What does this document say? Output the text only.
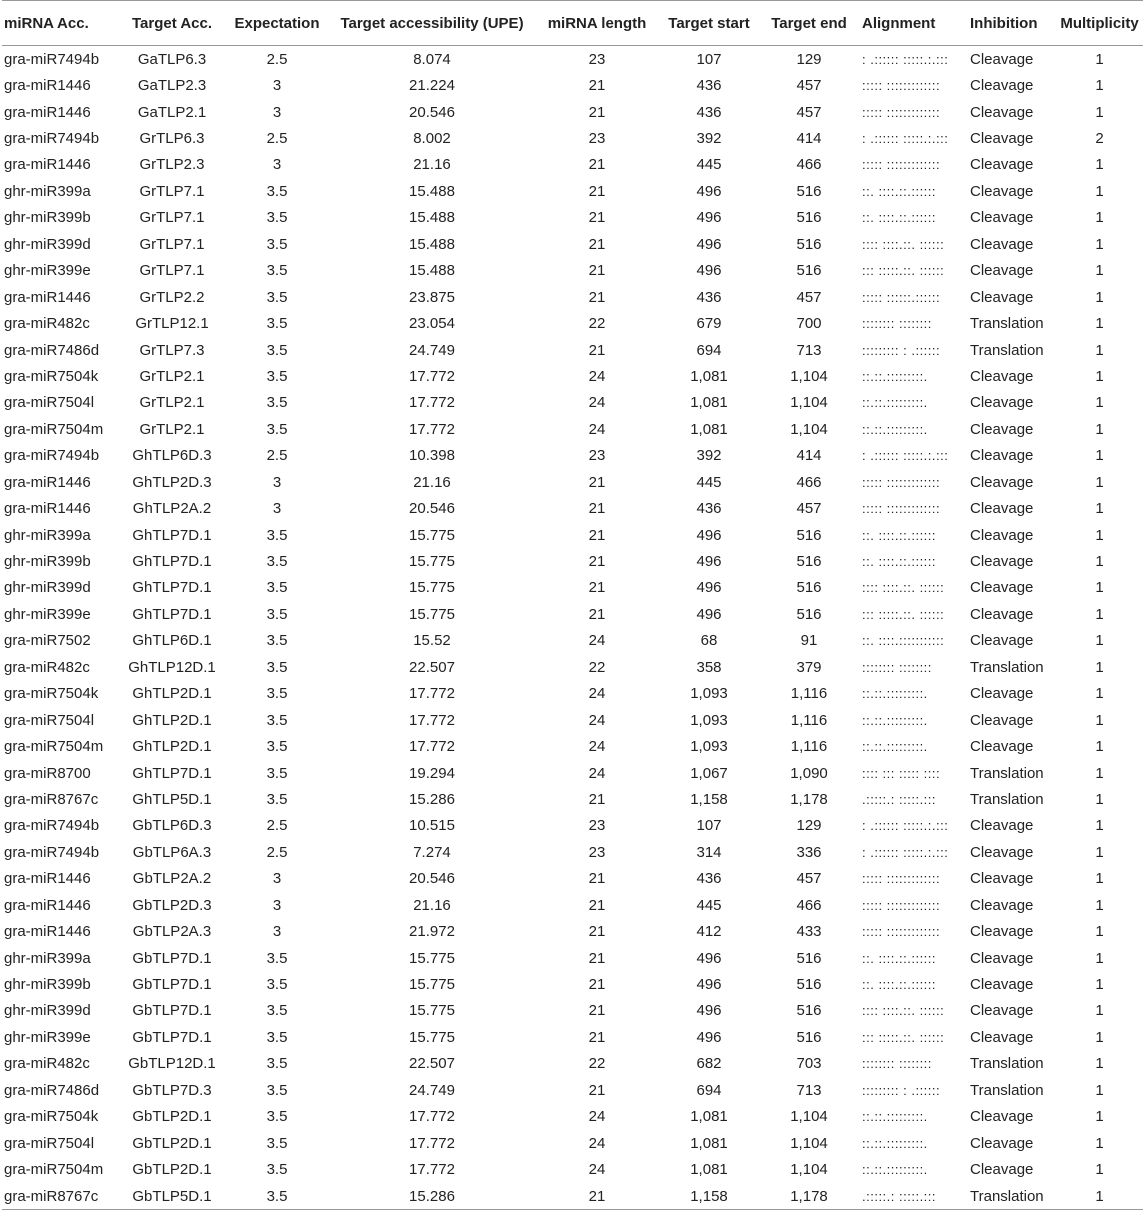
miRNA Acc.	Target Acc.	Expectation	Target accessibility (UPE)	miRNA length	Target start	Target end	Alignment	Inhibition	Multiplicity
gra-miR7494b	GaTLP6.3	2.5	8.074	23	107	129	: .:::::: :::::.:.:::	Cleavage	1
gra-miR1446	GaTLP2.3	3	21.224	21	436	457	::::: :::::::::::::	Cleavage	1
gra-miR1446	GaTLP2.1	3	20.546	21	436	457	::::: :::::::::::::	Cleavage	1
gra-miR7494b	GrTLP6.3	2.5	8.002	23	392	414	: .:::::: :::::.:.:::	Cleavage	2
gra-miR1446	GrTLP2.3	3	21.16	21	445	466	::::: :::::::::::::	Cleavage	1
ghr-miR399a	GrTLP7.1	3.5	15.488	21	496	516	::. ::::.::.::::::	Cleavage	1
ghr-miR399b	GrTLP7.1	3.5	15.488	21	496	516	::. ::::.::.::::::	Cleavage	1
ghr-miR399d	GrTLP7.1	3.5	15.488	21	496	516	:::: ::::.::. ::::::	Cleavage	1
ghr-miR399e	GrTLP7.1	3.5	15.488	21	496	516	::: :::::.::. ::::::	Cleavage	1
gra-miR1446	GrTLP2.2	3.5	23.875	21	436	457	::::: ::::::.::::::	Cleavage	1
gra-miR482c	GrTLP12.1	3.5	23.054	22	679	700	:::::::: ::::::::	Translation	1
gra-miR7486d	GrTLP7.3	3.5	24.749	21	694	713	::::::::: : .::::::	Translation	1
gra-miR7504k	GrTLP2.1	3.5	17.772	24	1,081	1,104	::.::.:::::::::.	Cleavage	1
gra-miR7504l	GrTLP2.1	3.5	17.772	24	1,081	1,104	::.::.:::::::::.	Cleavage	1
gra-miR7504m	GrTLP2.1	3.5	17.772	24	1,081	1,104	::.::.:::::::::.	Cleavage	1
gra-miR7494b	GhTLP6D.3	2.5	10.398	23	392	414	: .:::::: :::::.:.:::	Cleavage	1
gra-miR1446	GhTLP2D.3	3	21.16	21	445	466	::::: :::::::::::::	Cleavage	1
gra-miR1446	GhTLP2A.2	3	20.546	21	436	457	::::: :::::::::::::	Cleavage	1
ghr-miR399a	GhTLP7D.1	3.5	15.775	21	496	516	::. ::::.::.::::::	Cleavage	1
ghr-miR399b	GhTLP7D.1	3.5	15.775	21	496	516	::. ::::.::.::::::	Cleavage	1
ghr-miR399d	GhTLP7D.1	3.5	15.775	21	496	516	:::: ::::.::. ::::::	Cleavage	1
ghr-miR399e	GhTLP7D.1	3.5	15.775	21	496	516	::: :::::.::. ::::::	Cleavage	1
gra-miR7502	GhTLP6D.1	3.5	15.52	24	68	91	::. ::::.:::::::::::	Cleavage	1
gra-miR482c	GhTLP12D.1	3.5	22.507	22	358	379	:::::::: ::::::::	Translation	1
gra-miR7504k	GhTLP2D.1	3.5	17.772	24	1,093	1,116	::.::.:::::::::.	Cleavage	1
gra-miR7504l	GhTLP2D.1	3.5	17.772	24	1,093	1,116	::.::.:::::::::.	Cleavage	1
gra-miR7504m	GhTLP2D.1	3.5	17.772	24	1,093	1,116	::.::.:::::::::.	Cleavage	1
gra-miR8700	GhTLP7D.1	3.5	19.294	24	1,067	1,090	:::: ::: ::::: ::::	Translation	1
gra-miR8767c	GhTLP5D.1	3.5	15.286	21	1,158	1,178	.:::::.: :::::.:::	Translation	1
gra-miR7494b	GbTLP6D.3	2.5	10.515	23	107	129	: .:::::: :::::.:.:::	Cleavage	1
gra-miR7494b	GbTLP6A.3	2.5	7.274	23	314	336	: .:::::: :::::.:.:::	Cleavage	1
gra-miR1446	GbTLP2A.2	3	20.546	21	436	457	::::: :::::::::::::	Cleavage	1
gra-miR1446	GbTLP2D.3	3	21.16	21	445	466	::::: :::::::::::::	Cleavage	1
gra-miR1446	GbTLP2A.3	3	21.972	21	412	433	::::: :::::::::::::	Cleavage	1
ghr-miR399a	GbTLP7D.1	3.5	15.775	21	496	516	::. ::::.::.::::::	Cleavage	1
ghr-miR399b	GbTLP7D.1	3.5	15.775	21	496	516	::. ::::.::.::::::	Cleavage	1
ghr-miR399d	GbTLP7D.1	3.5	15.775	21	496	516	:::: ::::.::. ::::::	Cleavage	1
ghr-miR399e	GbTLP7D.1	3.5	15.775	21	496	516	::: :::::.::. ::::::	Cleavage	1
gra-miR482c	GbTLP12D.1	3.5	22.507	22	682	703	:::::::: ::::::::	Translation	1
gra-miR7486d	GbTLP7D.3	3.5	24.749	21	694	713	::::::::: : .::::::	Translation	1
gra-miR7504k	GbTLP2D.1	3.5	17.772	24	1,081	1,104	::.::.:::::::::.	Cleavage	1
gra-miR7504l	GbTLP2D.1	3.5	17.772	24	1,081	1,104	::.::.:::::::::.	Cleavage	1
gra-miR7504m	GbTLP2D.1	3.5	17.772	24	1,081	1,104	::.::.:::::::::.	Cleavage	1
gra-miR8767c	GbTLP5D.1	3.5	15.286	21	1,158	1,178	.:::::.: :::::.:::	Translation	1
